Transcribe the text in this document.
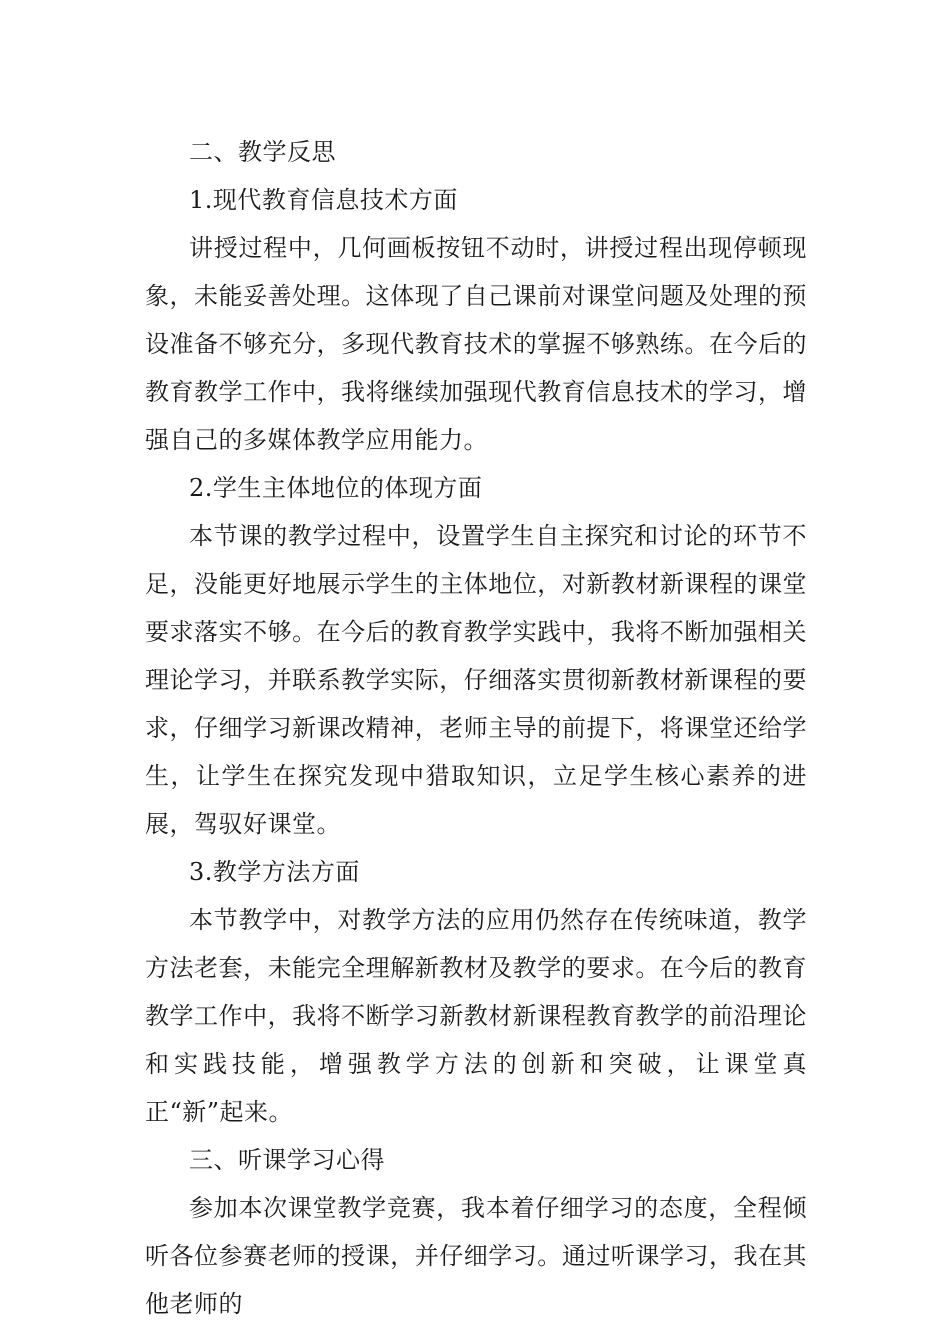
二、教学反思

1.现代教育信息技术方面

讲授过程中，几何画板按钮不动时，讲授过程出现停顿现象，未能妥善处理。这体现了自己课前对课堂问题及处理的预设准备不够充分，多现代教育技术的掌握不够熟练。在今后的教育教学工作中，我将继续加强现代教育信息技术的学习，增强自己的多媒体教学应用能力。

2.学生主体地位的体现方面

本节课的教学过程中，设置学生自主探究和讨论的环节不足，没能更好地展示学生的主体地位，对新教材新课程的课堂要求落实不够。在今后的教育教学实践中，我将不断加强相关理论学习，并联系教学实际，仔细落实贯彻新教材新课程的要求，仔细学习新课改精神，老师主导的前提下，将课堂还给学生，让学生在探究发现中猎取知识，立足学生核心素养的进展，驾驭好课堂。

3.教学方法方面

本节教学中，对教学方法的应用仍然存在传统味道，教学方法老套，未能完全理解新教材及教学的要求。在今后的教育教学工作中，我将不断学习新教材新课程教育教学的前沿理论和实践技能，增强教学方法的创新和突破，让课堂真正“新”起来。

三、听课学习心得

参加本次课堂教学竞赛，我本着仔细学习的态度，全程倾听各位参赛老师的授课，并仔细学习。通过听课学习，我在其他老师的
